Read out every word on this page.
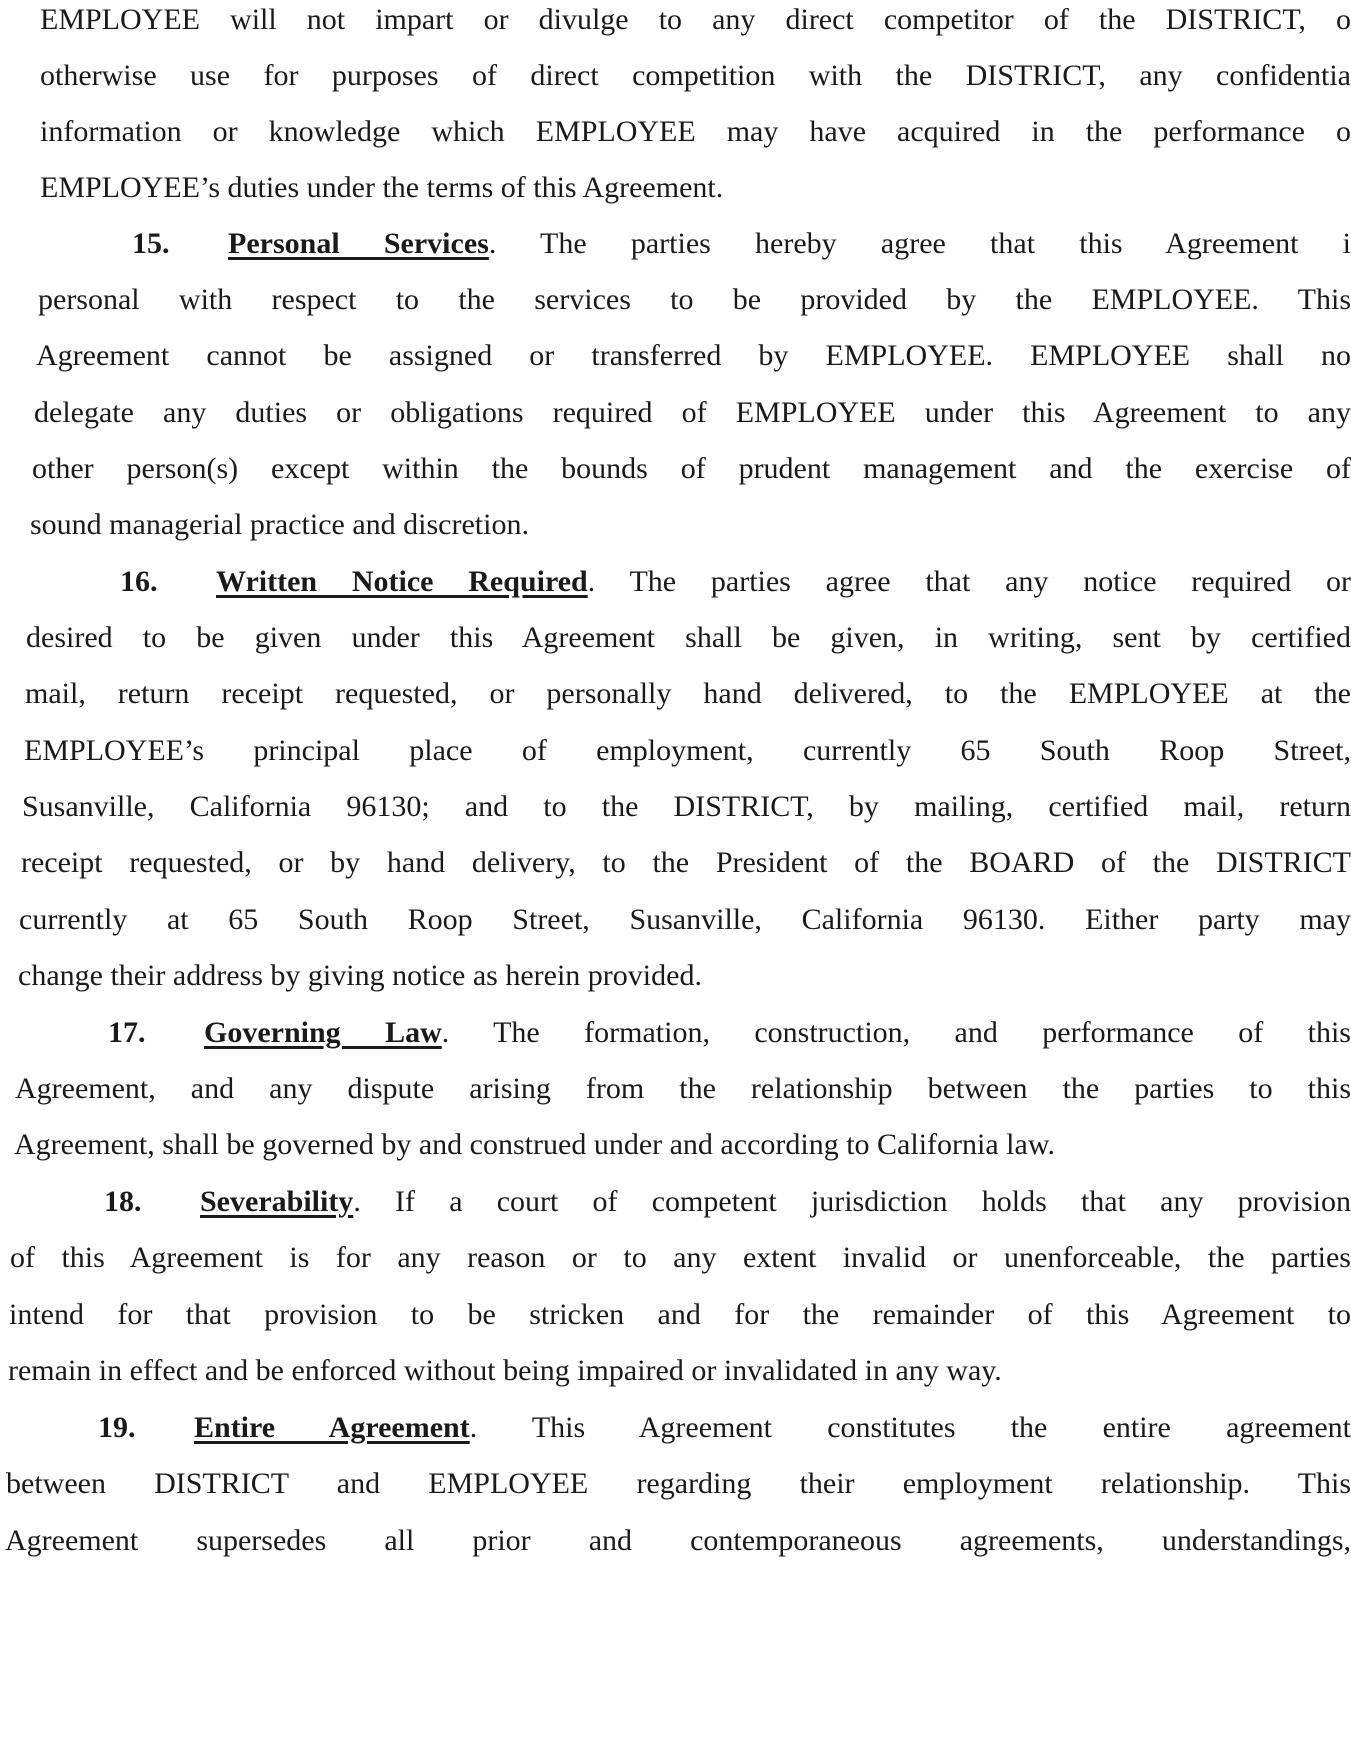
EMPLOYEE will not impart or divulge to any direct competitor of the DISTRICT, o
otherwise use for purposes of direct competition with the DISTRICT, any confidentia
information or knowledge which EMPLOYEE may have acquired in the performance o
EMPLOYEE’s duties under the terms of this Agreement.
15. Personal Services. The parties hereby agree that this Agreement i
personal with respect to the services to be provided by the EMPLOYEE. This
Agreement cannot be assigned or transferred by EMPLOYEE. EMPLOYEE shall no
delegate any duties or obligations required of EMPLOYEE under this Agreement to any
other person(s) except within the bounds of prudent management and the exercise of
sound managerial practice and discretion.
16. Written Notice Required. The parties agree that any notice required or
desired to be given under this Agreement shall be given, in writing, sent by certified
mail, return receipt requested, or personally hand delivered, to the EMPLOYEE at the
EMPLOYEE’s principal place of employment, currently 65 South Roop Street,
Susanville, California 96130; and to the DISTRICT, by mailing, certified mail, return
receipt requested, or by hand delivery, to the President of the BOARD of the DISTRICT
currently at 65 South Roop Street, Susanville, California 96130. Either party may
change their address by giving notice as herein provided.
17. Governing Law. The formation, construction, and performance of this
Agreement, and any dispute arising from the relationship between the parties to this
Agreement, shall be governed by and construed under and according to California law.
18. Severability. If a court of competent jurisdiction holds that any provision
of this Agreement is for any reason or to any extent invalid or unenforceable, the parties
intend for that provision to be stricken and for the remainder of this Agreement to
remain in effect and be enforced without being impaired or invalidated in any way.
19. Entire Agreement. This Agreement constitutes the entire agreement
between DISTRICT and EMPLOYEE regarding their employment relationship. This
Agreement supersedes all prior and contemporaneous agreements, understandings,
